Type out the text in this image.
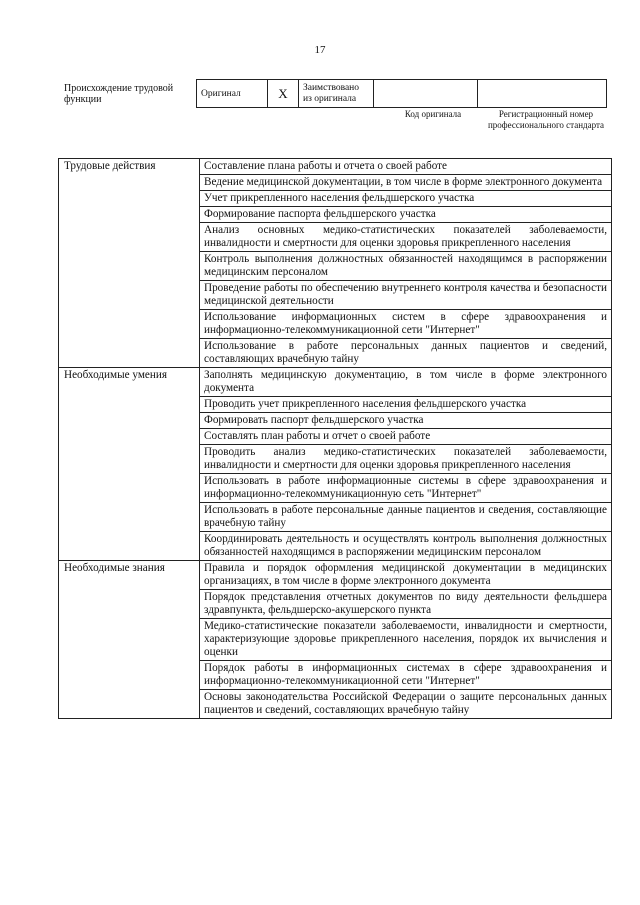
17
Происхождение трудовой функции
Оригинал	X	Заимствовано из оригинала		
Код оригинала	Регистрационный номер профессионального стандарта
Трудовые действия	Составление плана работы и отчета о своей работе
	Ведение медицинской документации, в том числе в форме электронного документа
	Учет прикрепленного населения фельдшерского участка
	Формирование паспорта фельдшерского участка
	Анализ основных медико-статистических показателей заболеваемости, инвалидности и смертности для оценки здоровья прикрепленного населения
	Контроль выполнения должностных обязанностей находящимся в распоряжении медицинским персоналом
	Проведение работы по обеспечению внутреннего контроля качества и безопасности медицинской деятельности
	Использование информационных систем в сфере здравоохранения и информационно-телекоммуникационной сети "Интернет"
	Использование в работе персональных данных пациентов и сведений, составляющих врачебную тайну
Необходимые умения	Заполнять медицинскую документацию, в том числе в форме электронного документа
	Проводить учет прикрепленного населения фельдшерского участка
	Формировать паспорт фельдшерского участка
	Составлять план работы и отчет о своей работе
	Проводить анализ медико-статистических показателей заболеваемости, инвалидности и смертности для оценки здоровья прикрепленного населения
	Использовать в работе информационные системы в сфере здравоохранения и информационно-телекоммуникационную сеть "Интернет"
	Использовать в работе персональные данные пациентов и сведения, составляющие врачебную тайну
	Координировать деятельность и осуществлять контроль выполнения должностных обязанностей находящимся в распоряжении медицинским персоналом
Необходимые знания	Правила и порядок оформления медицинской документации в медицинских организациях, в том числе в форме электронного документа
	Порядок представления отчетных документов по виду деятельности фельдшера здравпункта, фельдшерско-акушерского пункта
	Медико-статистические показатели заболеваемости, инвалидности и смертности, характеризующие здоровье прикрепленного населения, порядок их вычисления и оценки
	Порядок работы в информационных системах в сфере здравоохранения и информационно-телекоммуникационной сети "Интернет"
	Основы законодательства Российской Федерации о защите персональных данных пациентов и сведений, составляющих врачебную тайну
